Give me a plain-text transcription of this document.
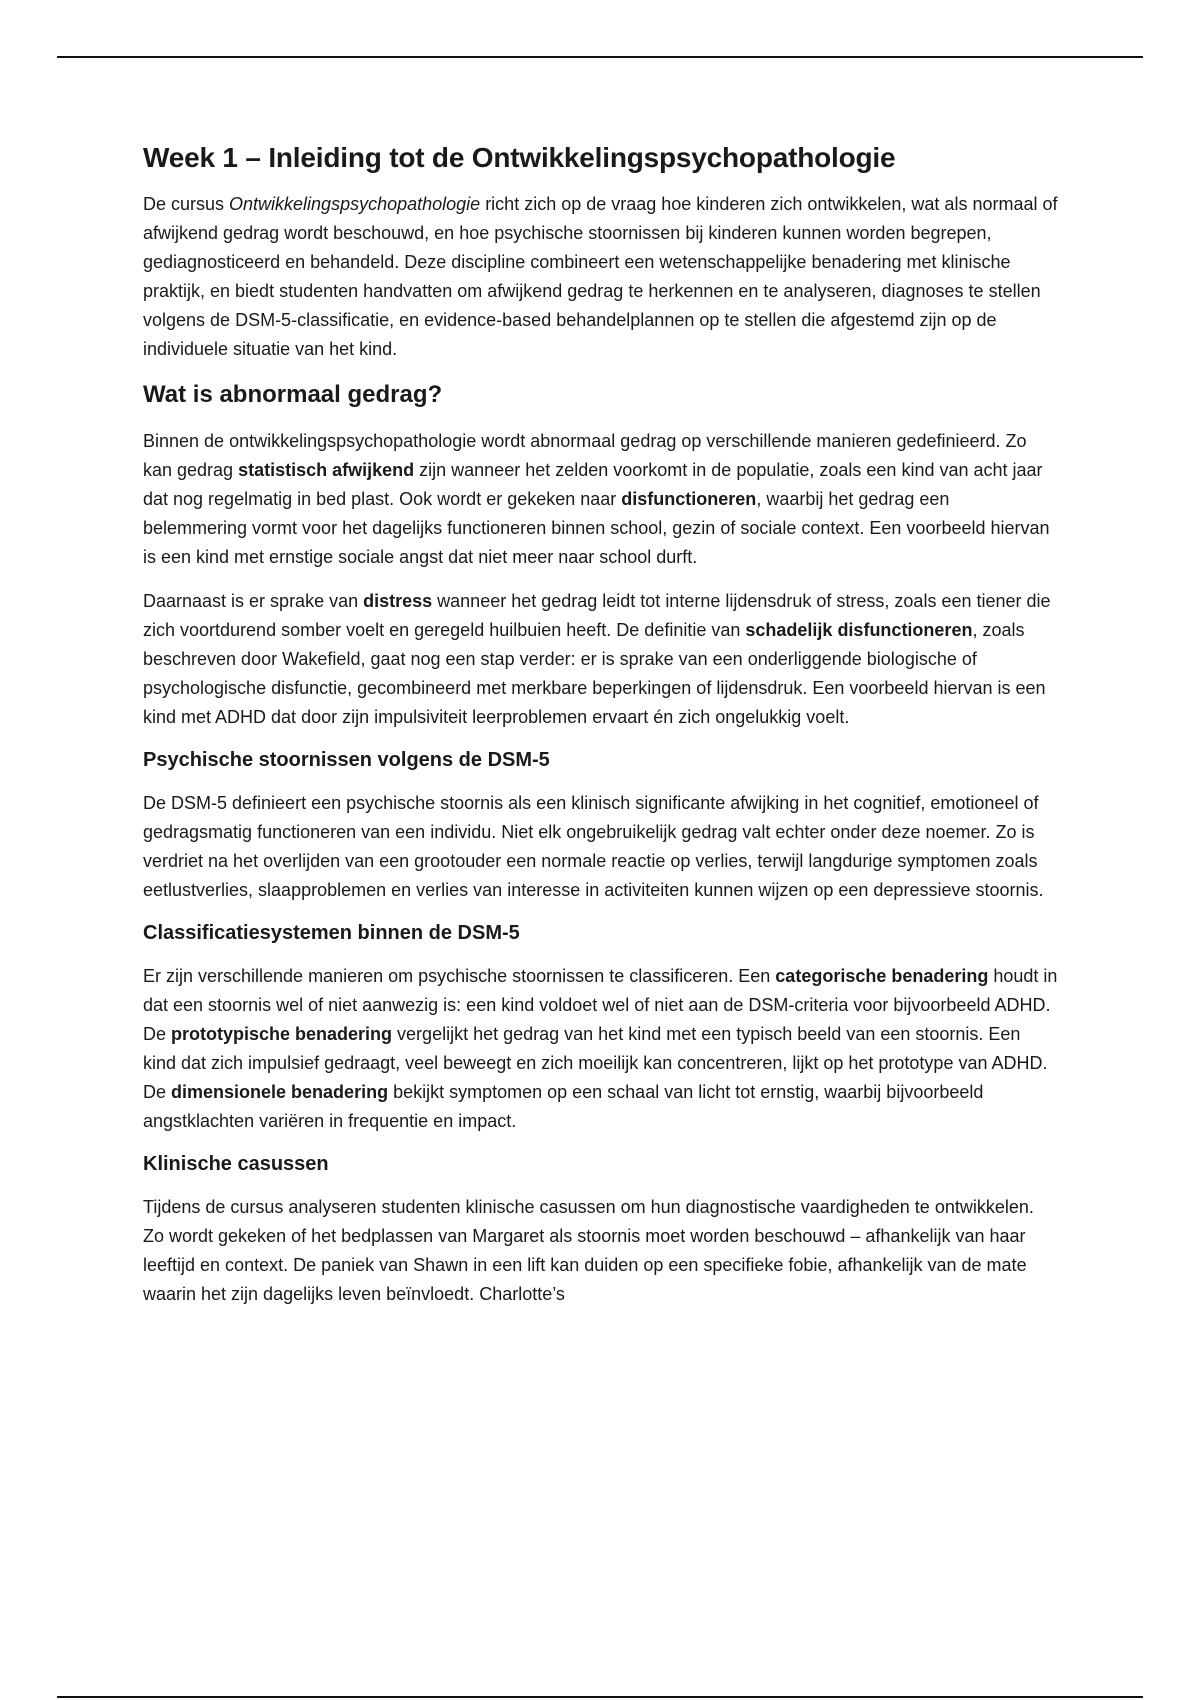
Week 1 – Inleiding tot de Ontwikkelingspsychopathologie

De cursus Ontwikkelingspsychopathologie richt zich op de vraag hoe kinderen zich ontwikkelen, wat als normaal of afwijkend gedrag wordt beschouwd, en hoe psychische stoornissen bij kinderen kunnen worden begrepen, gediagnosticeerd en behandeld. Deze discipline combineert een wetenschappelijke benadering met klinische praktijk, en biedt studenten handvatten om afwijkend gedrag te herkennen en te analyseren, diagnoses te stellen volgens de DSM-5-classificatie, en evidence-based behandelplannen op te stellen die afgestemd zijn op de individuele situatie van het kind.

Wat is abnormaal gedrag?

Binnen de ontwikkelingspsychopathologie wordt abnormaal gedrag op verschillende manieren gedefinieerd. Zo kan gedrag statistisch afwijkend zijn wanneer het zelden voorkomt in de populatie, zoals een kind van acht jaar dat nog regelmatig in bed plast. Ook wordt er gekeken naar disfunctioneren, waarbij het gedrag een belemmering vormt voor het dagelijks functioneren binnen school, gezin of sociale context. Een voorbeeld hiervan is een kind met ernstige sociale angst dat niet meer naar school durft.

Daarnaast is er sprake van distress wanneer het gedrag leidt tot interne lijdensdruk of stress, zoals een tiener die zich voortdurend somber voelt en geregeld huilbuien heeft. De definitie van schadelijk disfunctioneren, zoals beschreven door Wakefield, gaat nog een stap verder: er is sprake van een onderliggende biologische of psychologische disfunctie, gecombineerd met merkbare beperkingen of lijdensdruk. Een voorbeeld hiervan is een kind met ADHD dat door zijn impulsiviteit leerproblemen ervaart én zich ongelukkig voelt.

Psychische stoornissen volgens de DSM-5

De DSM-5 definieert een psychische stoornis als een klinisch significante afwijking in het cognitief, emotioneel of gedragsmatig functioneren van een individu. Niet elk ongebruikelijk gedrag valt echter onder deze noemer. Zo is verdriet na het overlijden van een grootouder een normale reactie op verlies, terwijl langdurige symptomen zoals eetlustverlies, slaapproblemen en verlies van interesse in activiteiten kunnen wijzen op een depressieve stoornis.

Classificatiesystemen binnen de DSM-5

Er zijn verschillende manieren om psychische stoornissen te classificeren. Een categorische benadering houdt in dat een stoornis wel of niet aanwezig is: een kind voldoet wel of niet aan de DSM-criteria voor bijvoorbeeld ADHD. De prototypische benadering vergelijkt het gedrag van het kind met een typisch beeld van een stoornis. Een kind dat zich impulsief gedraagt, veel beweegt en zich moeilijk kan concentreren, lijkt op het prototype van ADHD. De dimensionele benadering bekijkt symptomen op een schaal van licht tot ernstig, waarbij bijvoorbeeld angstklachten variëren in frequentie en impact.

Klinische casussen

Tijdens de cursus analyseren studenten klinische casussen om hun diagnostische vaardigheden te ontwikkelen. Zo wordt gekeken of het bedplassen van Margaret als stoornis moet worden beschouwd – afhankelijk van haar leeftijd en context. De paniek van Shawn in een lift kan duiden op een specifieke fobie, afhankelijk van de mate waarin het zijn dagelijks leven beïnvloedt. Charlotte’s
